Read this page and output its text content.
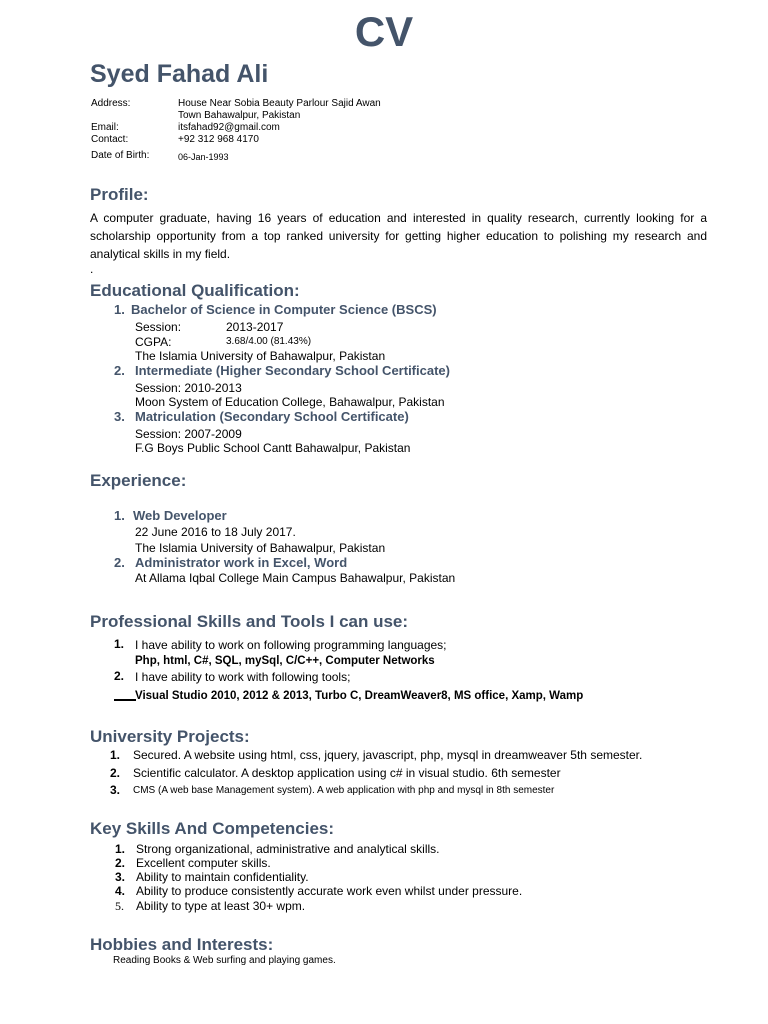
CV
Syed Fahad Ali
Address:	House Near Sobia Beauty Parlour Sajid Awan
Town Bahawalpur, Pakistan
Email:	itsfahad92@gmail.com
Contact:	+92 312 968 4170
Date of Birth:	06-Jan-1993
Profile:
A computer graduate, having 16 years of education and interested in quality research, currently looking for a scholarship opportunity from a top ranked university for getting higher education to polishing my research and analytical skills in my field.
.
Educational Qualification:
1. Bachelor of Science in Computer Science (BSCS)
Session:	2013-2017
CGPA:	3.68/4.00 (81.43%)
The Islamia University of Bahawalpur, Pakistan
2. Intermediate (Higher Secondary School Certificate)
Session: 2010-2013
Moon System of Education College, Bahawalpur, Pakistan
3. Matriculation (Secondary School Certificate)
Session: 2007-2009
F.G Boys Public School Cantt Bahawalpur, Pakistan
Experience:
1. Web Developer
22 June 2016 to 18 July 2017.
The Islamia University of Bahawalpur, Pakistan
2. Administrator work in Excel, Word
At Allama Iqbal College Main Campus Bahawalpur, Pakistan
Professional Skills and Tools I can use:
1. I have ability to work on following programming languages;
Php, html, C#, SQL, mySql, C/C++, Computer Networks
2. I have ability to work with following tools;
Visual Studio 2010, 2012 & 2013, Turbo C, DreamWeaver8, MS office, Xamp, Wamp
University Projects:
1. Secured. A website using html, css, jquery, javascript, php, mysql in dreamweaver 5th semester.
2. Scientific calculator. A desktop application using c# in visual studio. 6th semester
3. CMS (A web base Management system). A web application with php and mysql in 8th semester
Key Skills And Competencies:
1. Strong organizational, administrative and analytical skills.
2. Excellent computer skills.
3. Ability to maintain confidentiality.
4. Ability to produce consistently accurate work even whilst under pressure.
5. Ability to type at least 30+ wpm.
Hobbies and Interests:
Reading Books & Web surfing and playing games.
